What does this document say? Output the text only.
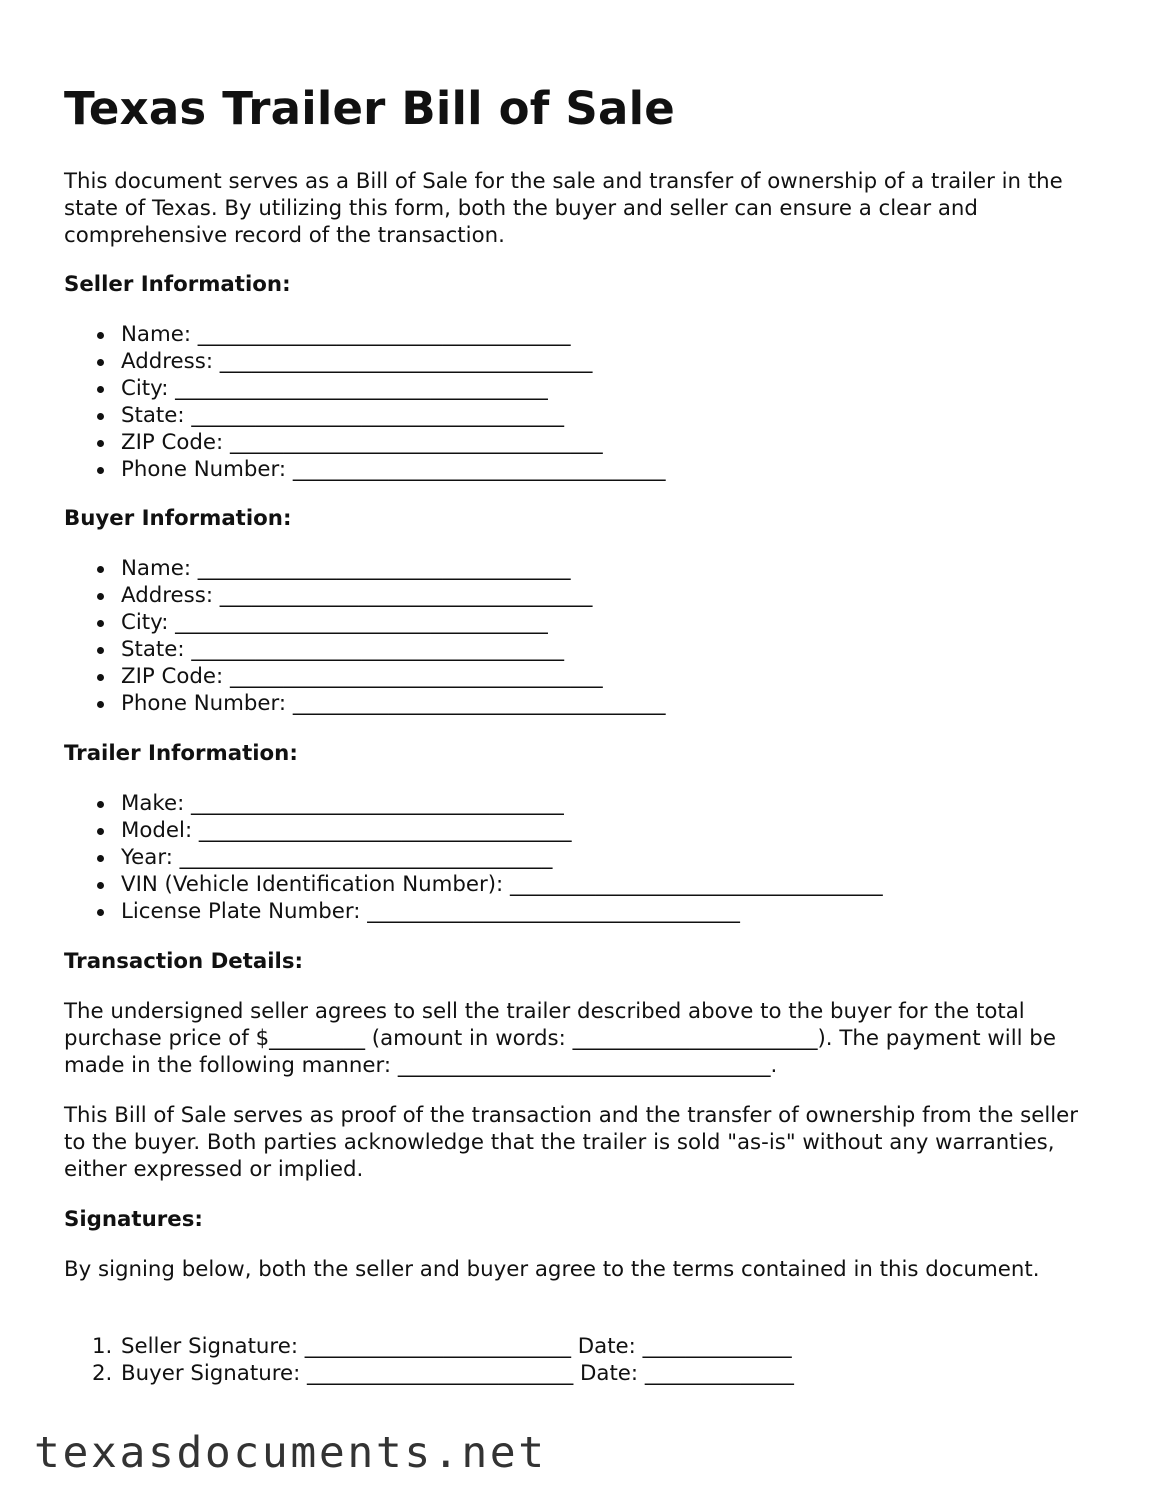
Texas Trailer Bill of Sale

This document serves as a Bill of Sale for the sale and transfer of ownership of a trailer in the state of Texas. By utilizing this form, both the buyer and seller can ensure a clear and comprehensive record of the transaction.

Seller Information:

Name: ___________________________________
Address: ___________________________________
City: ___________________________________
State: ___________________________________
ZIP Code: ___________________________________
Phone Number: ___________________________________

Buyer Information:

Name: ___________________________________
Address: ___________________________________
City: ___________________________________
State: ___________________________________
ZIP Code: ___________________________________
Phone Number: ___________________________________

Trailer Information:

Make: ___________________________________
Model: ___________________________________
Year: ___________________________________
VIN (Vehicle Identification Number): ___________________________________
License Plate Number: ___________________________________

Transaction Details:

The undersigned seller agrees to sell the trailer described above to the buyer for the total purchase price of $_________ (amount in words: _______________________). The payment will be made in the following manner: ___________________________________.

This Bill of Sale serves as proof of the transaction and the transfer of ownership from the seller to the buyer. Both parties acknowledge that the trailer is sold "as-is" without any warranties, either expressed or implied.

Signatures:

By signing below, both the seller and buyer agree to the terms contained in this document.

1. Seller Signature: _________________________ Date: ______________
2. Buyer Signature: _________________________ Date: ______________
texasdocuments.net
